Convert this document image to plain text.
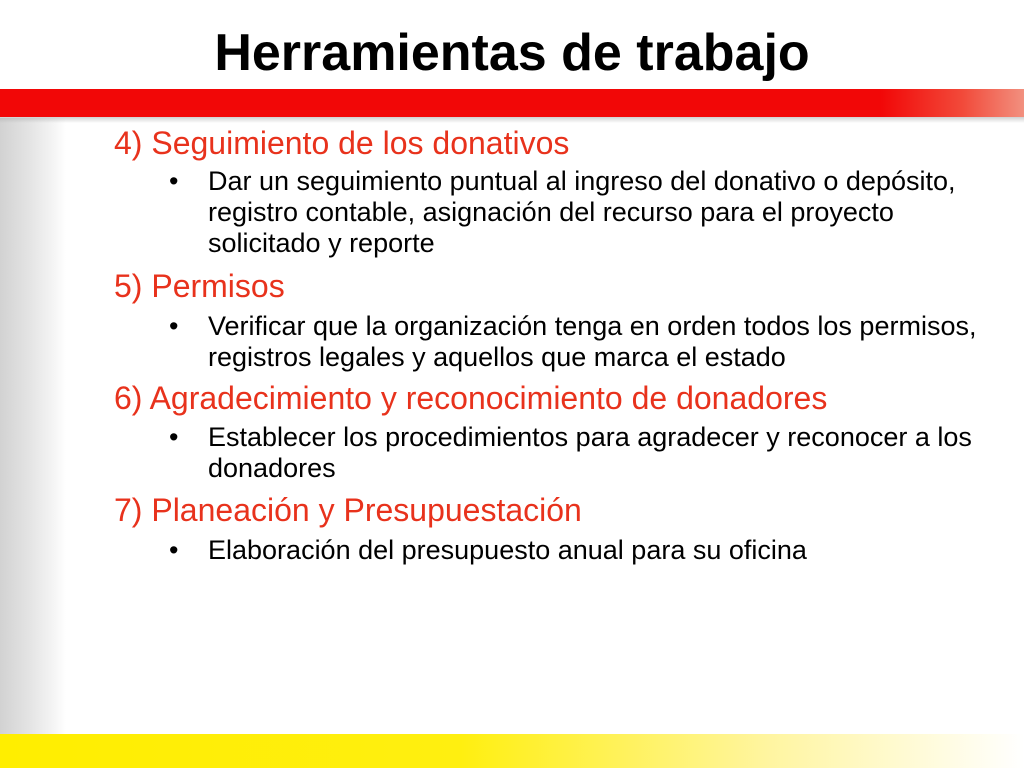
Herramientas de trabajo

4) Seguimiento de los donativos

• Dar un seguimiento puntual al ingreso del donativo o depósito, registro contable, asignación del recurso para el proyecto solicitado y reporte

5) Permisos

• Verificar que la organización tenga en orden todos los permisos, registros legales y aquellos que marca el estado

6) Agradecimiento y reconocimiento de donadores

• Establecer los procedimientos para agradecer y reconocer a los donadores

7) Planeación y Presupuestación

• Elaboración del presupuesto anual para su oficina
